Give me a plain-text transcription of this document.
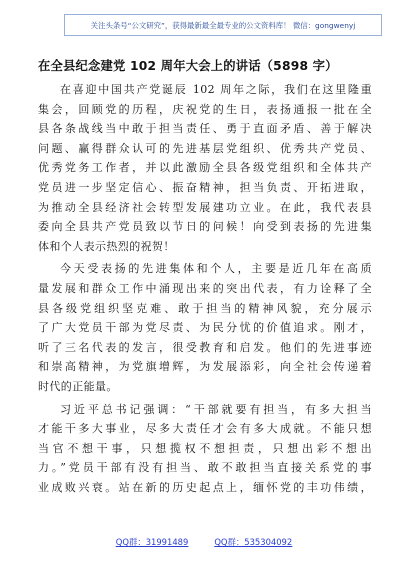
关注头条号“公文研究”，获得最新最全最专业的公文资料库！ 微信：gongwenyj
在全县纪念建党 102 周年大会上的讲话（5898 字）

在喜迎中国共产党诞辰 102 周年之际，我们在这里隆重

集会，回顾党的历程，庆祝党的生日，表扬通报一批在全

县各条战线当中敢于担当责任、勇于直面矛盾、善于解决

问题、赢得群众认可的先进基层党组织、优秀共产党员、

优秀党务工作者，并以此激励全县各级党组织和全体共产

党员进一步坚定信心、振奋精神，担当负责、开拓进取，

为推动全县经济社会转型发展建功立业。在此，我代表县

委向全县共产党员致以节日的问候！向受到表扬的先进集

体和个人表示热烈的祝贺！

今天受表扬的先进集体和个人，主要是近几年在高质

量发展和群众工作中涌现出来的突出代表，有力诠释了全

县各级党组织坚克难、敢于担当的精神风貌，充分展示

了广大党员干部为党尽责、为民分忧的价值追求。刚才，

听了三名代表的发言，很受教育和启发。他们的先进事迹

和崇高精神，为党旗增辉，为发展添彩，向全社会传递着

时代的正能量。

习近平总书记强调：“干部就要有担当，有多大担当

才能干多大事业，尽多大责任才会有多大成就。不能只想

当官不想干事，只想揽权不想担责，只想出彩不想出

力。”党员干部有没有担当、敢不敢担当直接关系党的事

业成败兴衰。站在新的历史起点上，缅怀党的丰功伟绩，

QQ群：31991489	QQ群：535304092
